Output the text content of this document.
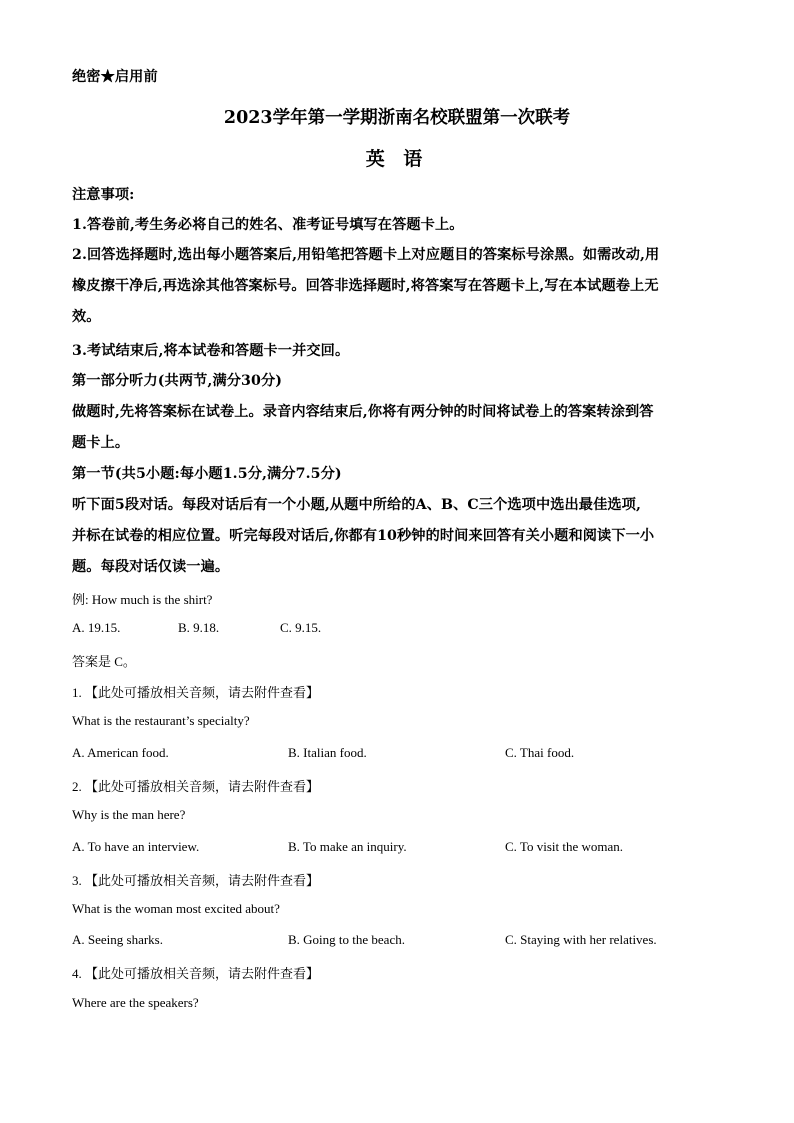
绝密★启用前
2023学年第一学期浙南名校联盟第一次联考
英 语
注意事项:
1.答卷前,考生务必将自己的姓名、准考证号填写在答题卡上。
2.回答选择题时,选出每小题答案后,用铅笔把答题卡上对应题目的答案标号涂黑。如需改动,用
橡皮擦干净后,再选涂其他答案标号。回答非选择题时,将答案写在答题卡上,写在本试题卷上无
效。
3.考试结束后,将本试卷和答题卡一并交回。
第一部分听力(共两节,满分30分)
做题时,先将答案标在试卷上。录音内容结束后,你将有两分钟的时间将试卷上的答案转涂到答
题卡上。
第一节(共5小题:每小题1.5分,满分7.5分)
听下面5段对话。每段对话后有一个小题,从题中所给的A、B、C三个选项中选出最佳选项,
并标在试卷的相应位置。听完每段对话后,你都有10秒钟的时间来回答有关小题和阅读下一小
题。每段对话仅读一遍。
例: How much is the shirt?
A. 19.15.	B. 9.18.	C. 9.15.
答案是 C。
1. 【此处可播放相关音频，请去附件查看】
What is the restaurant’s specialty?
A. American food.	B. Italian food.	C. Thai food.
2. 【此处可播放相关音频，请去附件查看】
Why is the man here?
A. To have an interview.	B. To make an inquiry.	C. To visit the woman.
3. 【此处可播放相关音频，请去附件查看】
What is the woman most excited about?
A. Seeing sharks.	B. Going to the beach.	C. Staying with her relatives.
4. 【此处可播放相关音频，请去附件查看】
Where are the speakers?
